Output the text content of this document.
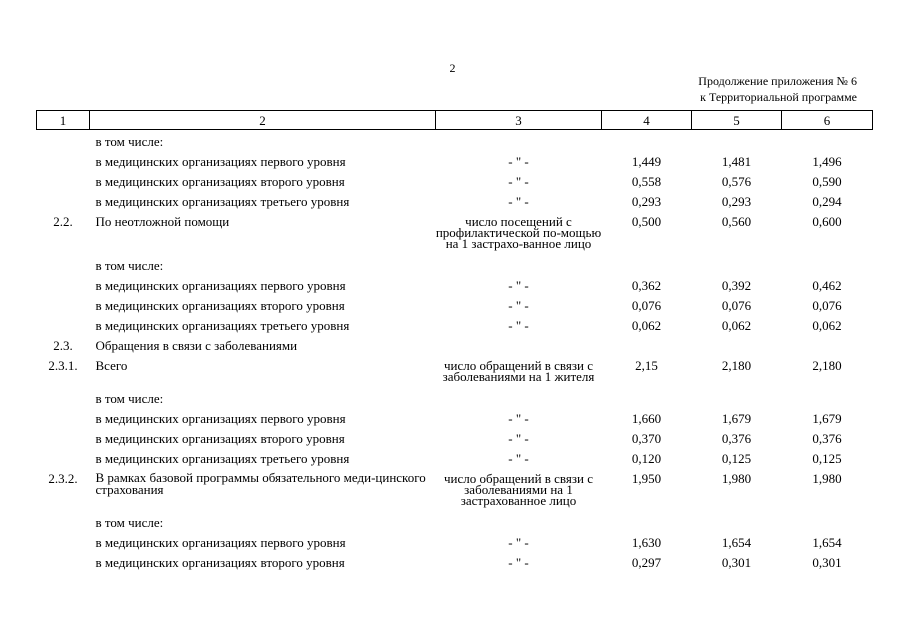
2
Продолжение приложения № 6
к Территориальной программе
1	2	3	4	5	6
	в том числе:				
	в медицинских организациях первого уровня	- " -	1,449	1,481	1,496
	в медицинских организациях второго уровня	- " -	0,558	0,576	0,590
	в медицинских организациях третьего уровня	- " -	0,293	0,293	0,294
2.2.	По неотложной помощи	число посещений с профилактической по-мощью на 1 застрахо-ванное лицо	0,500	0,560	0,600
	в том числе:				
	в медицинских организациях первого уровня	- " -	0,362	0,392	0,462
	в медицинских организациях второго уровня	- " -	0,076	0,076	0,076
	в медицинских организациях третьего уровня	- " -	0,062	0,062	0,062
2.3.	Обращения в связи с заболеваниями				
2.3.1.	Всего	число обращений в связи с заболеваниями на 1 жителя	2,15	2,180	2,180
	в том числе:				
	в медицинских организациях первого уровня	- " -	1,660	1,679	1,679
	в медицинских организациях второго уровня	- " -	0,370	0,376	0,376
	в медицинских организациях третьего уровня	- " -	0,120	0,125	0,125
2.3.2.	В рамках базовой программы обязательного меди-цинского страхования	число обращений в связи с заболеваниями на 1 застрахованное лицо	1,950	1,980	1,980
	в том числе:				
	в медицинских организациях первого уровня	- " -	1,630	1,654	1,654
	в медицинских организациях второго уровня	- " -	0,297	0,301	0,301
